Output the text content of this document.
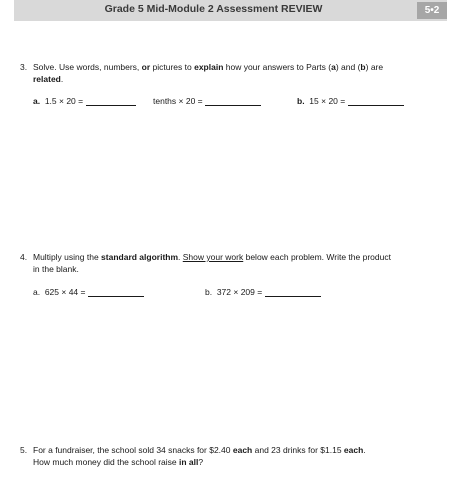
Grade 5 Mid-Module 2 Assessment REVIEW	5•2
3. Solve. Use words, numbers, or pictures to explain how your answers to Parts (a) and (b) are
related.
a. 1.5 × 20 =	tenths × 20 =	b. 15 × 20 =
4. Multiply using the standard algorithm. Show your work below each problem. Write the product
in the blank.
a. 625 × 44 =	b. 372 × 209 =
5. For a fundraiser, the school sold 34 snacks for $2.40 each and 23 drinks for $1.15 each.
How much money did the school raise in all?
